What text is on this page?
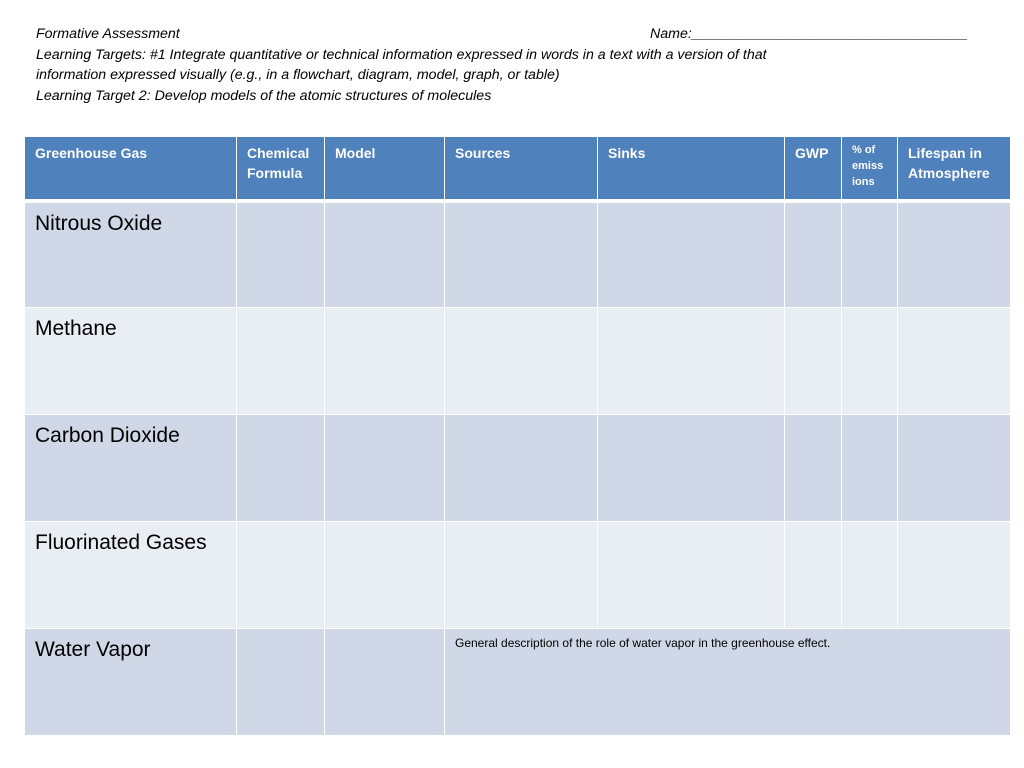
Formative Assessment	Name:___________________________________
Learning Targets: #1 Integrate quantitative or technical information expressed in words in a text with a version of that
information expressed visually (e.g., in a flowchart, diagram, model, graph, or table)
Learning Target 2: Develop models of the atomic structures of molecules
Greenhouse Gas	Chemical Formula	Model	Sources	Sinks	GWP	% of emiss ions	Lifespan in Atmosphere
Nitrous Oxide							
Methane							
Carbon Dioxide							
Fluorinated Gases							
Water Vapor			General description of the role of water vapor in the greenhouse effect.				
